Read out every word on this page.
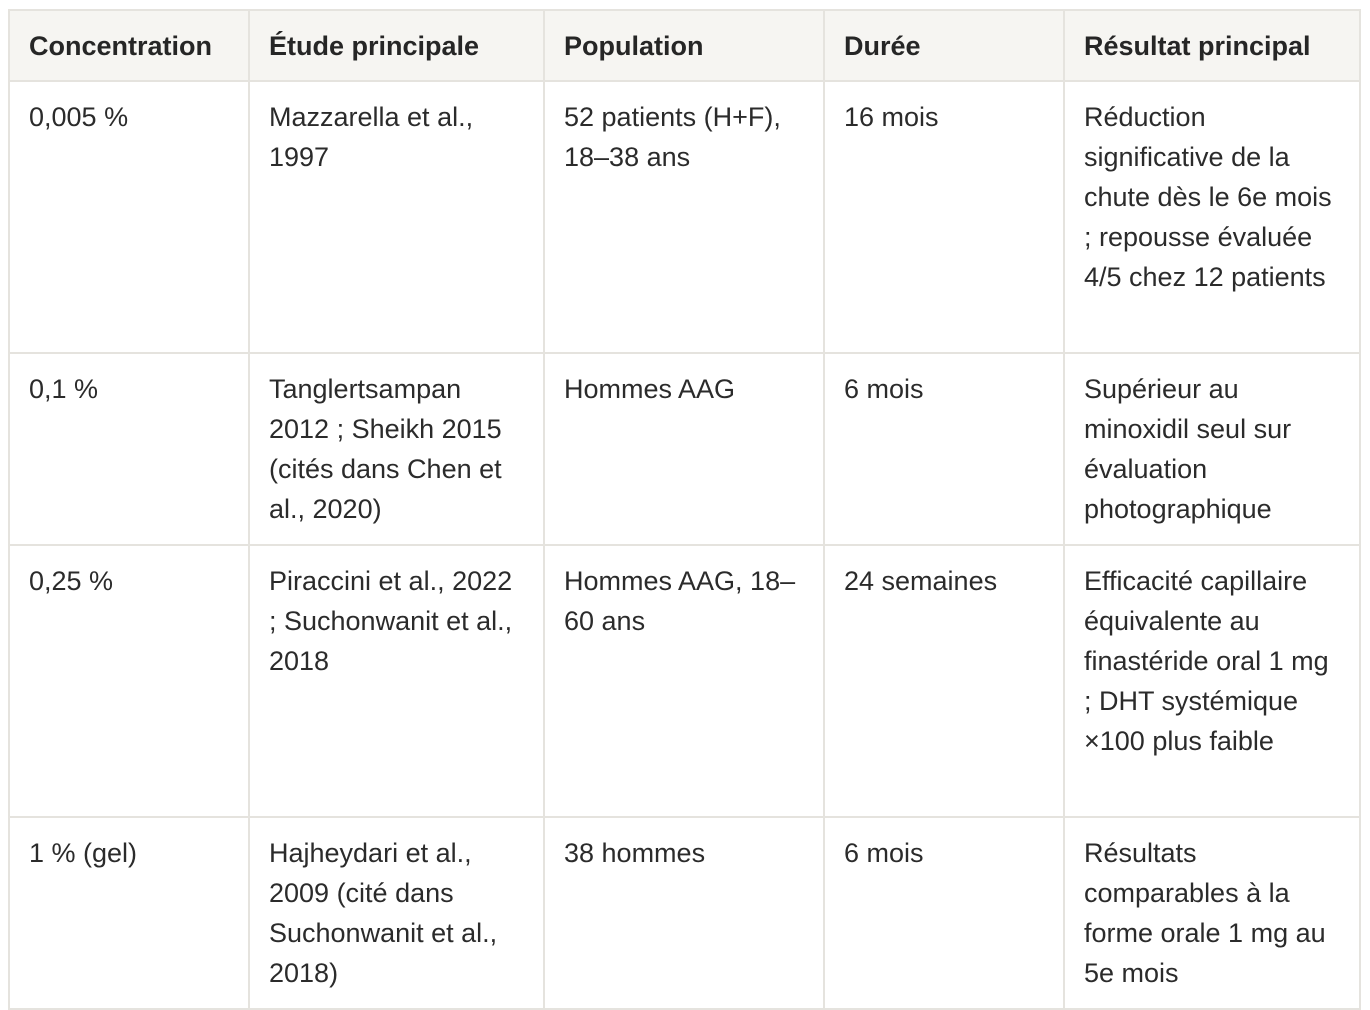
Concentration	Étude principale	Population	Durée	Résultat principal
0,005 %	Mazzarella et al., 1997	52 patients (H+F), 18–38 ans	16 mois	Réduction significative de la chute dès le 6e mois ; repousse évaluée 4/5 chez 12 patients
0,1 %	Tanglertsampan 2012 ; Sheikh 2015 (cités dans Chen et al., 2020)	Hommes AAG	6 mois	Supérieur au minoxidil seul sur évaluation photographique
0,25 %	Piraccini et al., 2022 ; Suchonwanit et al., 2018	Hommes AAG, 18–60 ans	24 semaines	Efficacité capillaire équivalente au finastéride oral 1 mg ; DHT systémique ×100 plus faible
1 % (gel)	Hajheydari et al., 2009 (cité dans Suchonwanit et al., 2018)	38 hommes	6 mois	Résultats comparables à la forme orale 1 mg au 5e mois
